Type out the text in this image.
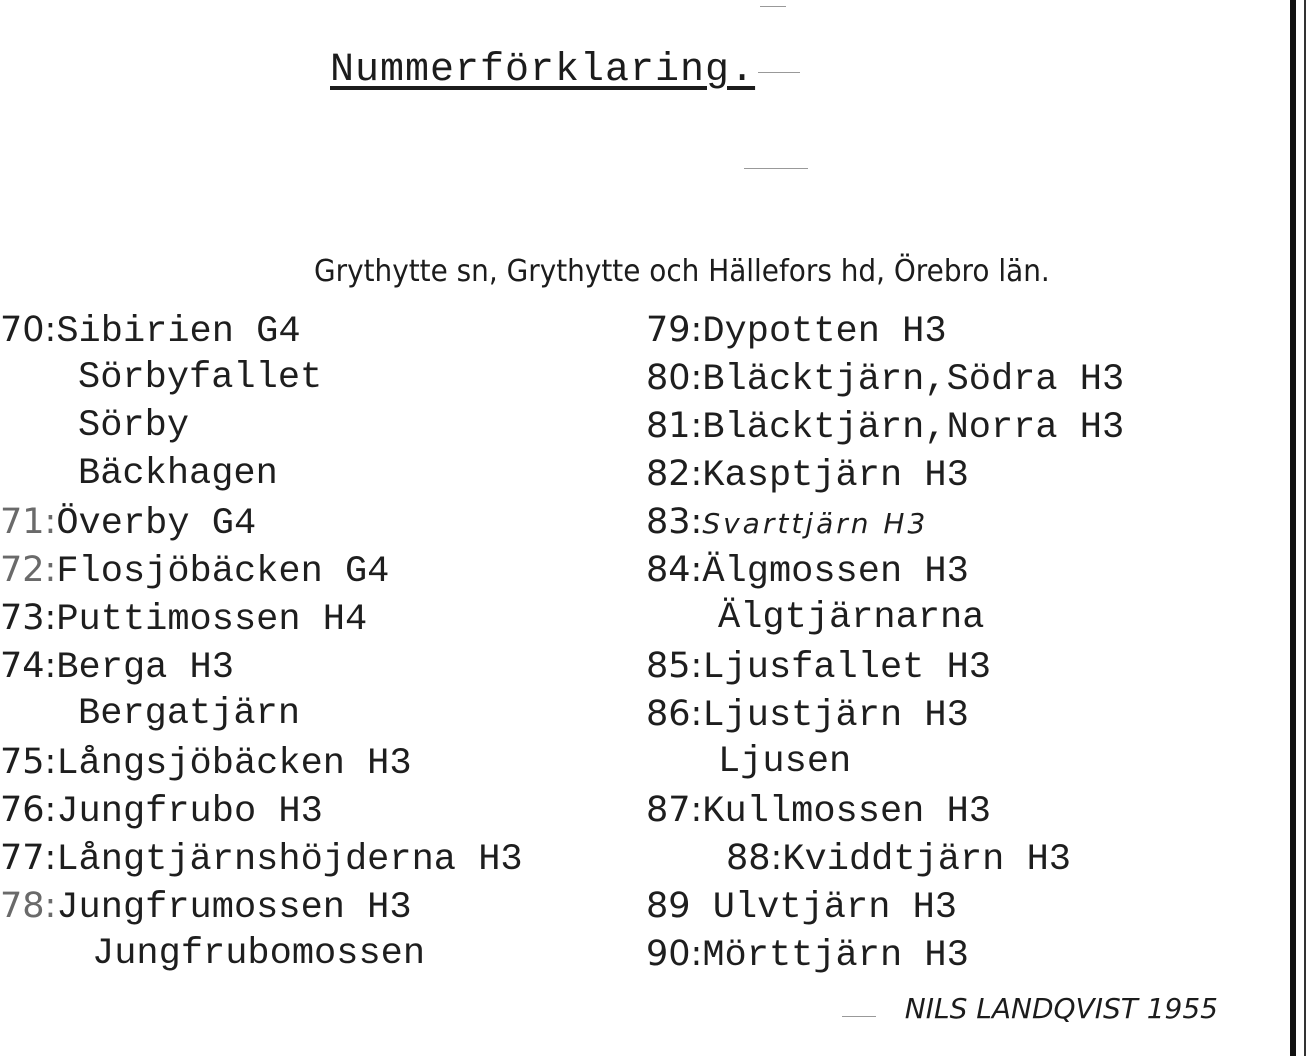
Nummerförklaring.
Grythytte sn, Grythytte och Hällefors hd, Örebro län.
70:Sibirien G4
Sörbyfallet
Sörby
Bäckhagen
71:Överby G4
72:Flosjöbäcken G4
73:Puttimossen H4
74:Berga H3
Bergatjärn
75:Långsjöbäcken H3
76:Jungfrubo H3
77:Långtjärnshöjderna H3
78:Jungfrumossen H3
Jungfrubomossen
79:Dypotten H3
80:Bläcktjärn,Södra H3
81:Bläcktjärn,Norra H3
82:Kasptjärn H3
83:Svarttjärn H3
84:Älgmossen H3
Älgtjärnarna
85:Ljusfallet H3
86:Ljustjärn H3
Ljusen
87:Kullmossen H3
88:Kviddtjärn H3
89 Ulvtjärn H3
90:Mörttjärn H3
NILS LANDQVIST 1955
